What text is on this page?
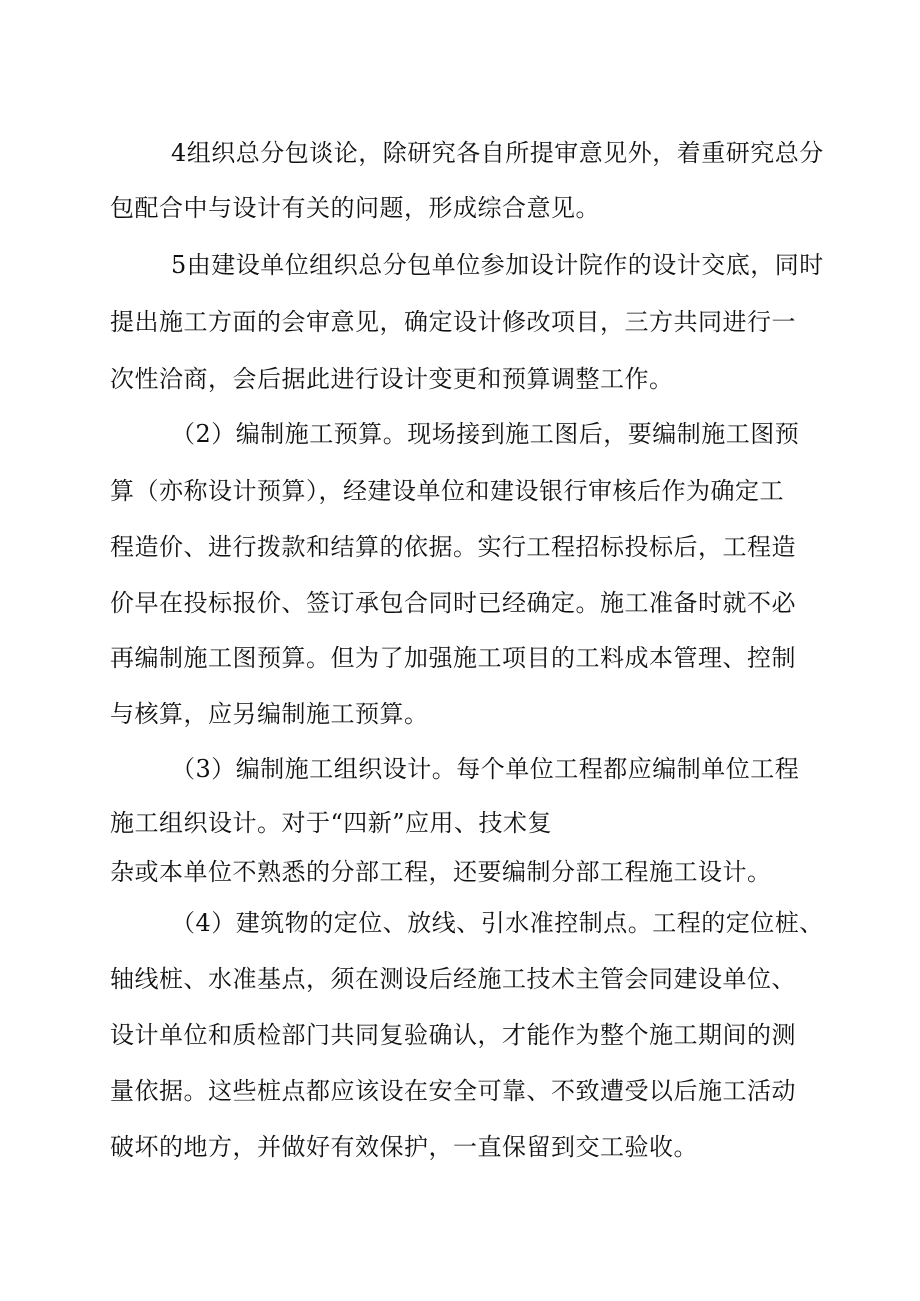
4组织总分包谈论，除研究各自所提审意见外，着重研究总分
包配合中与设计有关的问题，形成综合意见。
5由建设单位组织总分包单位参加设计院作的设计交底，同时
提出施工方面的会审意见，确定设计修改项目，三方共同进行一
次性洽商，会后据此进行设计变更和预算调整工作。
（2）编制施工预算。现场接到施工图后，要编制施工图预
算（亦称设计预算），经建设单位和建设银行审核后作为确定工
程造价、进行拨款和结算的依据。实行工程招标投标后，工程造
价早在投标报价、签订承包合同时已经确定。施工准备时就不必
再编制施工图预算。但为了加强施工项目的工料成本管理、控制
与核算，应另编制施工预算。
（3）编制施工组织设计。每个单位工程都应编制单位工程
施工组织设计。对于“四新”应用、技术复
杂或本单位不熟悉的分部工程，还要编制分部工程施工设计。
（4）建筑物的定位、放线、引水准控制点。工程的定位桩、
轴线桩、水准基点，须在测设后经施工技术主管会同建设单位、
设计单位和质检部门共同复验确认，才能作为整个施工期间的测
量依据。这些桩点都应该设在安全可靠、不致遭受以后施工活动
破坏的地方，并做好有效保护，一直保留到交工验收。
